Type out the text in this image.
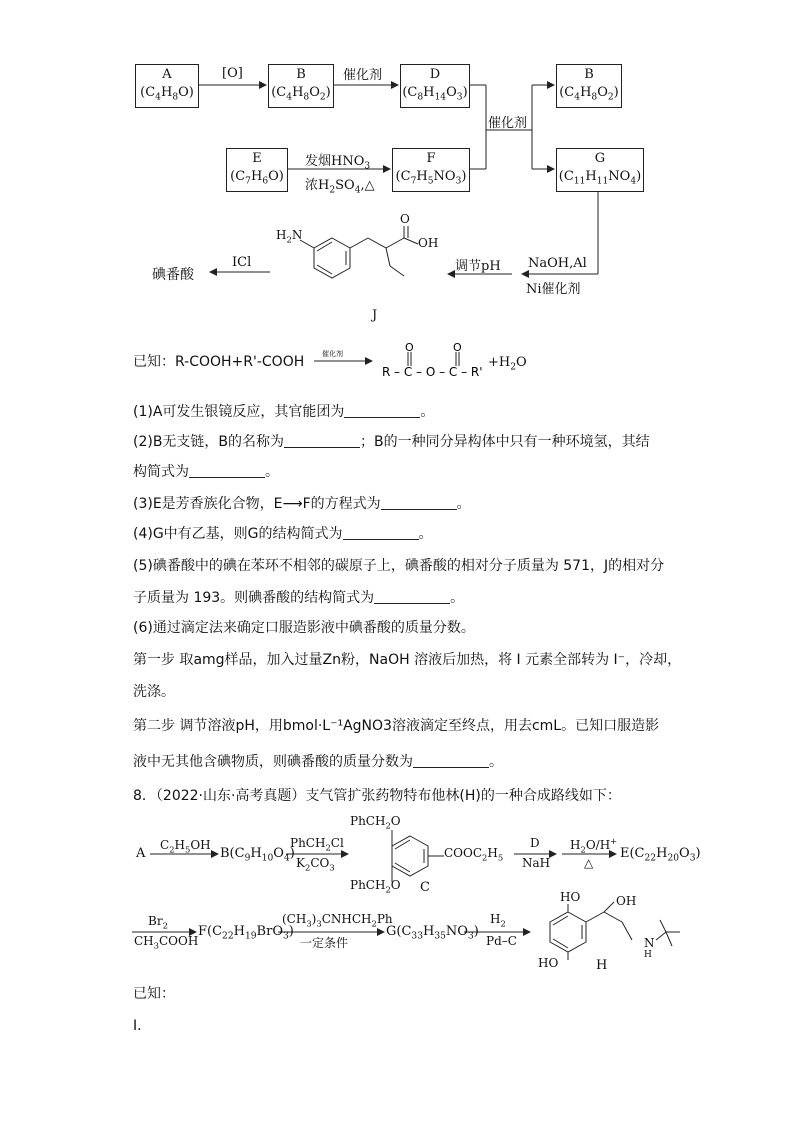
A
$(C_4H_8O)$
B
$(C_4H_8O_2)$
D
$(C_8H_{14}O_3)$
B
$(C_4H_8O_2)$
E
$(C_7H_6O)$
F
$(C_7H_5NO_3)$
G
$(C_{11}H_{11}NO_4)$
[O]	催化剂
催化剂
发烟$HNO_3$
浓$H_2SO_4,\triangle$
NaOH,Al
Ni催化剂
调节pH
ICl
碘番酸
$H_2N$
OH
O
J
已知：R-COOH+R'-COOH	催化剂
R – C – O – C – R'
O	O
$+H_2O$
(1)A可发生银镜反应，其官能团为	。
(2)B无支链，B的名称为	；B的一种同分异构体中只有一种环境氢，其结
构简式为	。
(3)E是芳香族化合物，E⟶F的方程式为	。
(4)G中有乙基，则G的结构简式为	。
(5)碘番酸中的碘在苯环不相邻的碳原子上，碘番酸的相对分子质量为 571，J的相对分
子质量为 193。则碘番酸的结构简式为	。
(6)通过滴定法来确定口服造影液中碘番酸的质量分数。
第一步 取amg样品，加入过量Zn粉，NaOH 溶液后加热，将 I 元素全部转为 I⁻，冷却，
洗涤。
第二步 调节溶液pH，用bmol·L⁻¹AgNO3溶液滴定至终点，用去cmL。已知口服造影
液中无其他含碘物质，则碘番酸的质量分数为	。
8．（2022·山东·高考真题）支气管扩张药物特布他林(H)的一种合成路线如下：
A
$C_2H_5OH$
$B(C_9H_{10}O_4)$
PhCH$_2$Cl
$K_2CO_3$
PhCH$_2$O
PhCH$_2$O
$COOC_2H_5$
C
D
NaH
$H_2O/H^+$
△
$E(C_{22}H_{20}O_3)$
$Br_2$
$CH_3COOH$
$F(C_{22}H_{19}BrO_3)$
$(CH_3)_3CNHCH_2Ph$
一定条件
$G(C_{33}H_{35}NO_3)$
$H_2$
Pd–C
HO
HO
OH
N
H
H
已知：
I．
